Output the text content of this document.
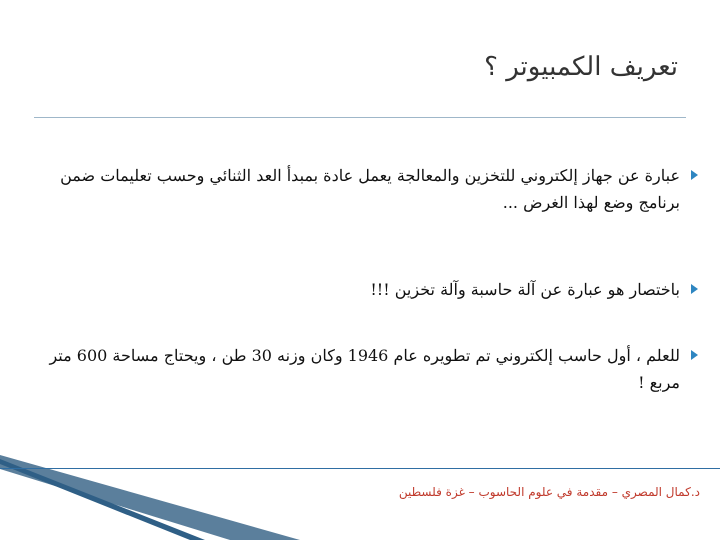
تعريف الكمبيوتر ؟
عبارة عن جهاز إلكتروني للتخزين والمعالجة يعمل عادة بمبدأ العد الثنائي وحسب تعليمات ضمن برنامج وضع لهذا الغرض ...
باختصار هو عبارة عن آلة حاسبة وآلة تخزين !!!
للعلم ، أول حاسب إلكتروني تم تطويره عام 1946 وكان وزنه 30 طن ، ويحتاج مساحة 600 متر مربع !
د.كمال المصري – مقدمة في علوم الحاسوب – غزة فلسطين
